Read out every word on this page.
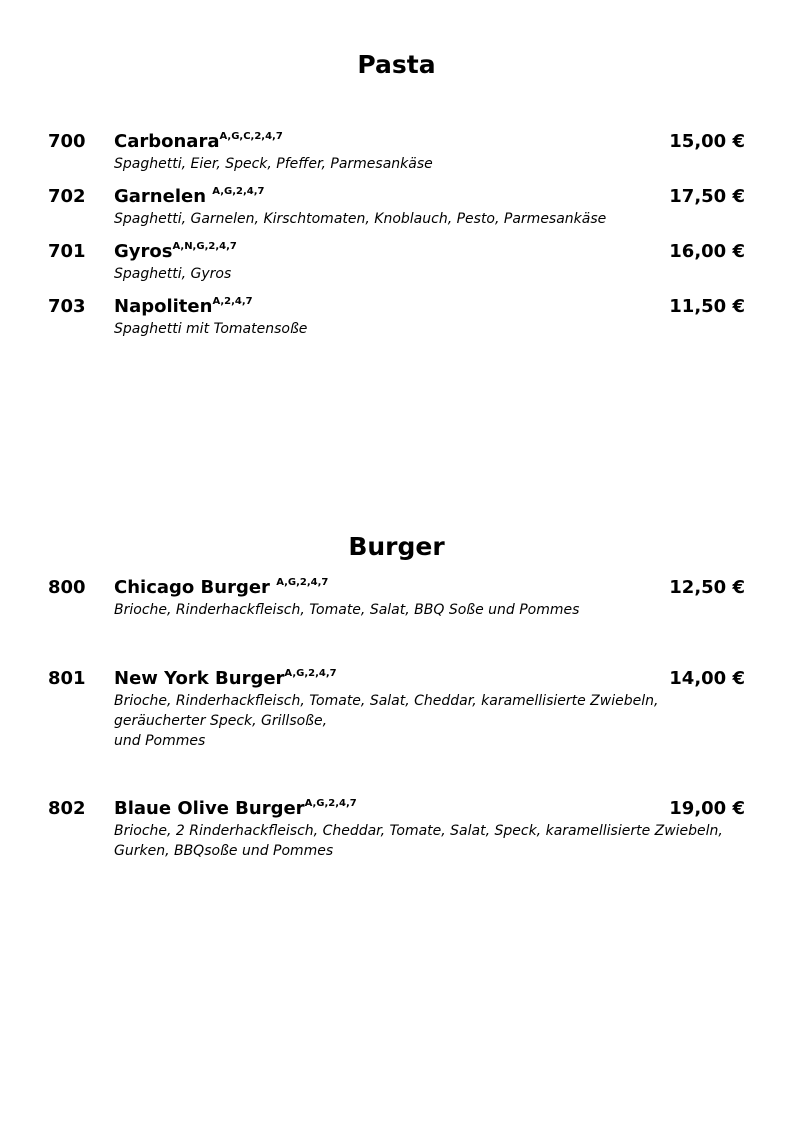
Pasta
700 Carbonara$^{A,G,C,2,4,7}$	15,00 €
Spaghetti, Eier, Speck, Pfeffer, Parmesankäse
702 Garnelen $^{A,G,2,4,7}$	17,50 €
Spaghetti, Garnelen, Kirschtomaten, Knoblauch, Pesto, Parmesankäse
701 Gyros$^{A,N,G,2,4,7}$	16,00 €
Spaghetti, Gyros
703 Napoliten$^{A,2,4,7}$	11,50 €
Spaghetti mit Tomatensoße
Burger
800 Chicago Burger $^{A,G,2,4,7}$	12,50 €
Brioche, Rinderhackfleisch, Tomate, Salat, BBQ Soße und Pommes
801 New York Burger$^{A,G,2,4,7}$	14,00 €
Brioche, Rinderhackfleisch, Tomate, Salat, Cheddar, karamellisierte Zwiebeln,
geräucherter Speck, Grillsoße,
und Pommes
802 Blaue Olive Burger$^{A,G,2,4,7}$	19,00 €
Brioche, 2 Rinderhackfleisch, Cheddar, Tomate, Salat, Speck, karamellisierte Zwiebeln,
Gurken, BBQsoße und Pommes
